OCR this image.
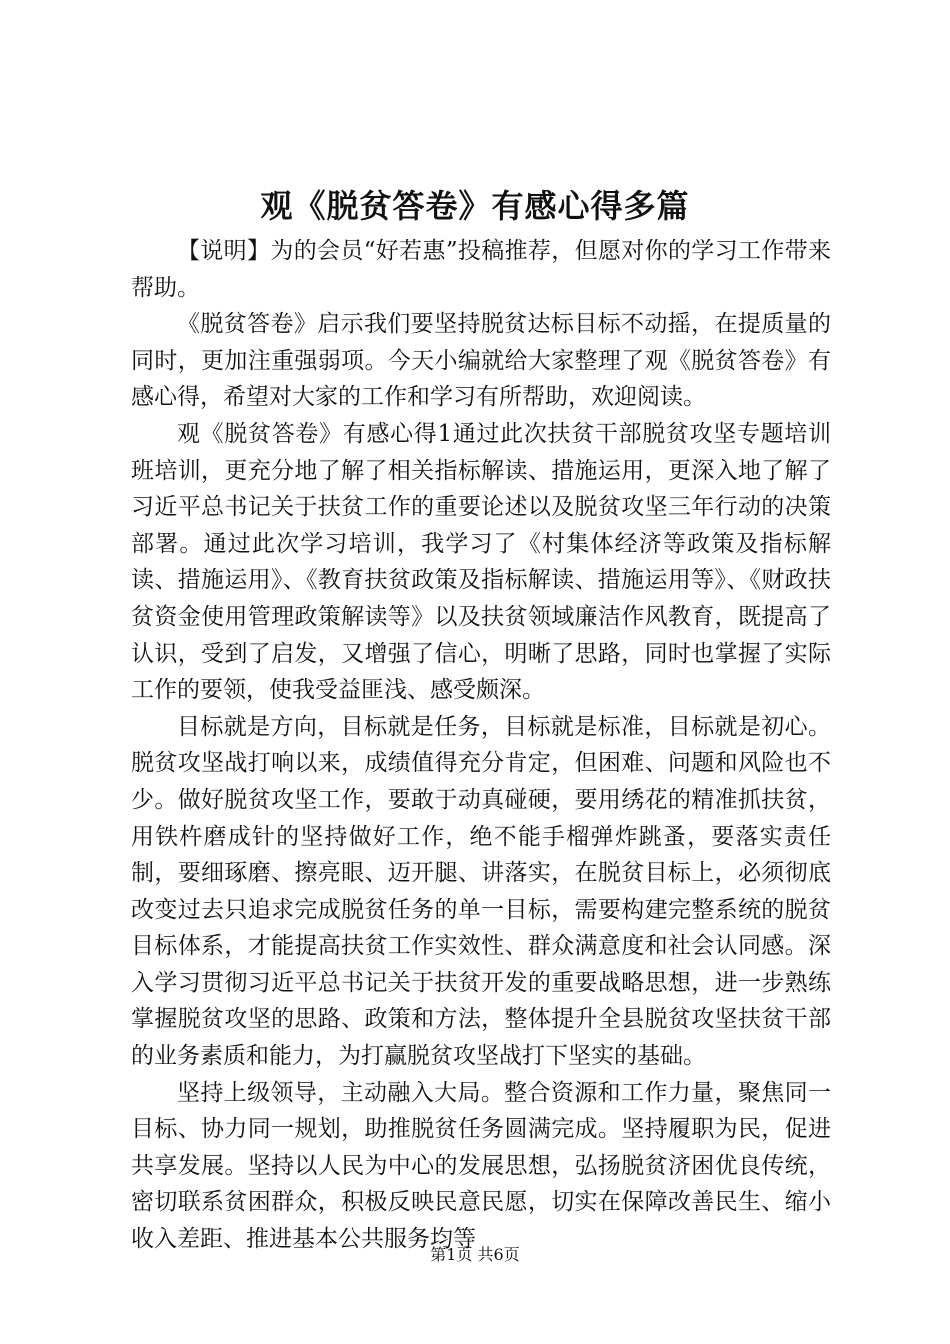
观《脱贫答卷》有感心得多篇

【说明】为的会员“好若惠”投稿推荐，但愿对你的学习工作带来帮助。

《脱贫答卷》启示我们要坚持脱贫达标目标不动摇，在提质量的同时，更加注重强弱项。今天小编就给大家整理了观《脱贫答卷》有感心得，希望对大家的工作和学习有所帮助，欢迎阅读。

观《脱贫答卷》有感心得1通过此次扶贫干部脱贫攻坚专题培训班培训，更充分地了解了相关指标解读、措施运用，更深入地了解了习近平总书记关于扶贫工作的重要论述以及脱贫攻坚三年行动的决策部署。通过此次学习培训，我学习了《村集体经济等政策及指标解读、措施运用》、《教育扶贫政策及指标解读、措施运用等》、《财政扶贫资金使用管理政策解读等》以及扶贫领域廉洁作风教育，既提高了认识，受到了启发，又增强了信心，明晰了思路，同时也掌握了实际工作的要领，使我受益匪浅、感受颇深。

目标就是方向，目标就是任务，目标就是标准，目标就是初心。脱贫攻坚战打响以来，成绩值得充分肯定，但困难、问题和风险也不少。做好脱贫攻坚工作，要敢于动真碰硬，要用绣花的精准抓扶贫，用铁杵磨成针的坚持做好工作，绝不能手榴弹炸跳蚤，要落实责任制，要细琢磨、擦亮眼、迈开腿、讲落实，在脱贫目标上，必须彻底改变过去只追求完成脱贫任务的单一目标，需要构建完整系统的脱贫目标体系，才能提高扶贫工作实效性、群众满意度和社会认同感。深入学习贯彻习近平总书记关于扶贫开发的重要战略思想，进一步熟练掌握脱贫攻坚的思路、政策和方法，整体提升全县脱贫攻坚扶贫干部的业务素质和能力，为打赢脱贫攻坚战打下坚实的基础。

坚持上级领导，主动融入大局。整合资源和工作力量，聚焦同一目标、协力同一规划，助推脱贫任务圆满完成。坚持履职为民，促进共享发展。坚持以人民为中心的发展思想，弘扬脱贫济困优良传统，密切联系贫困群众，积极反映民意民愿，切实在保障改善民生、缩小收入差距、推进基本公共服务均等

第1页 共6页
